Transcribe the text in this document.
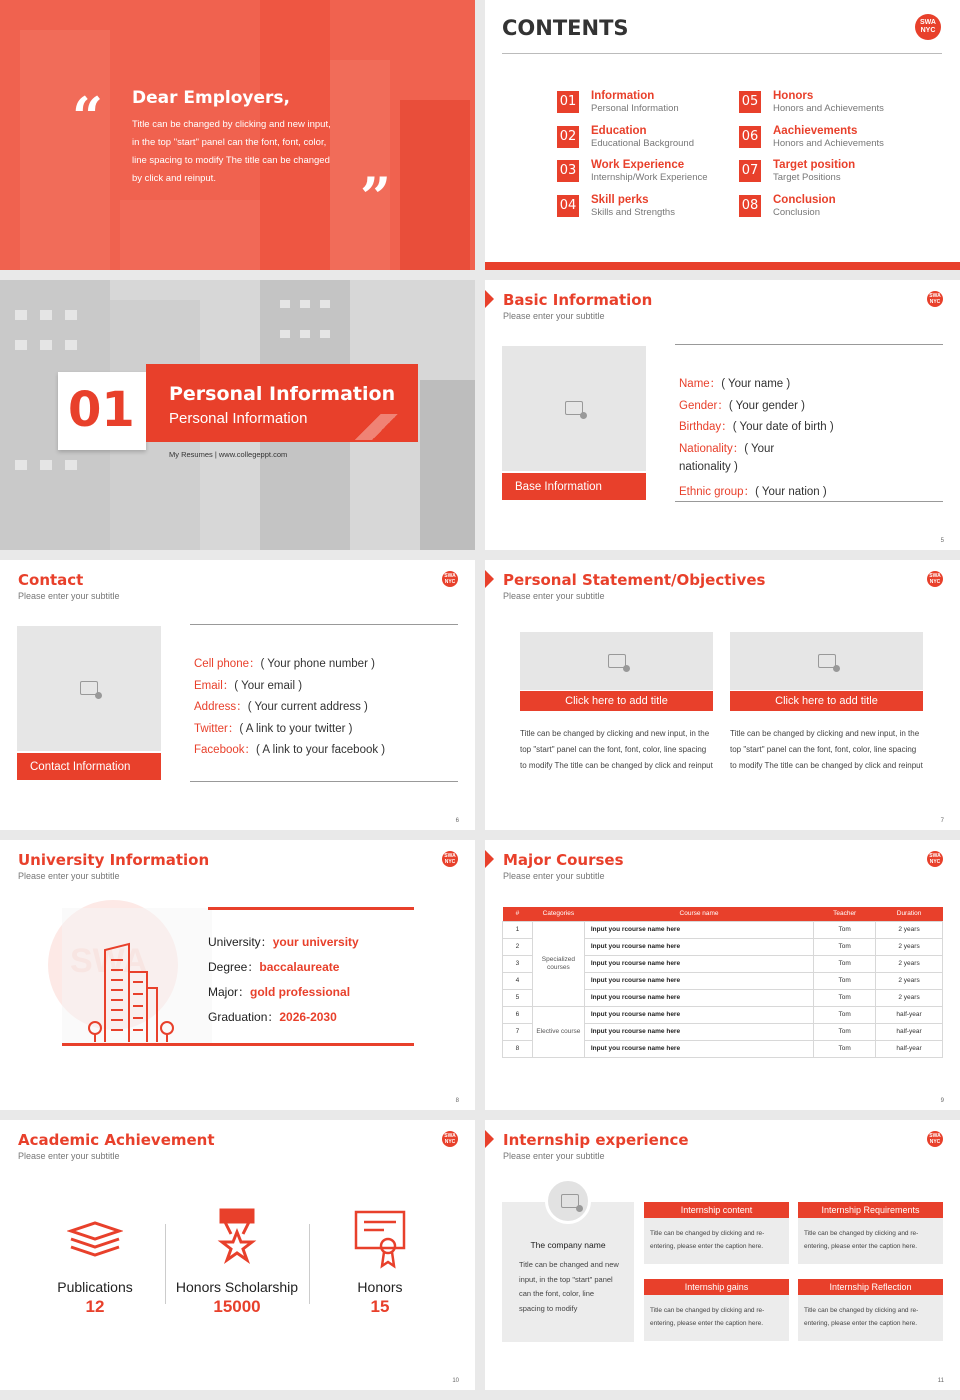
“ Dear Employers,
Title can be changed by clicking and new input, in the top "start" panel can the font, font, color, line spacing to modify The title can be changed by click and reinput.	”
CONTENTS	SWA NYC
01 Information
Personal Information
02 Education
Educational Background
03 Work Experience
Internship/Work Experience
04 Skill perks
Skills and Strengths
05 Honors
Honors and Achievements
06 Aachievements
Honors and Achievements
07 Target position
Target Positions
08 Conclusion
Conclusion
01 Personal Information
Personal Information
My Resumes | www.collegeppt.com
Basic Information
Please enter your subtitle
SWA NYC
Base Information
Name：( Your name )
Gender：( Your gender )
Birthday：( Your date of birth )
Nationality：( Your
nationality )
Ethnic group：( Your nation )
5
Contact
Please enter your subtitle
SWA NYC
Contact Information
Cell phone：( Your phone number )
Email：( Your email )
Address：( Your current address )
Twitter：( A link to your twitter )
Facebook：( A link to your facebook )
6
Personal Statement/Objectives
Please enter your subtitle
SWA NYC
Click here to add title
Title can be changed by clicking and new input, in the top "start" panel can the font, font, color, line spacing to modify The title can be changed by click and reinput
Click here to add title
Title can be changed by clicking and new input, in the top "start" panel can the font, font, color, line spacing to modify The title can be changed by click and reinput
7
University Information
Please enter your subtitle
SWA NYC
University：your university
Degree：baccalaureate
Major：gold professional
Graduation：2026-2030
8
Major Courses
Please enter your subtitle
SWA NYC
#	Categories	Course name	Teacher	Duration
1	Specialized courses	Input you rcourse name here	Tom	2 years
2		Input you rcourse name here	Tom	2 years
3		Input you rcourse name here	Tom	2 years
4		Input you rcourse name here	Tom	2 years
5		Input you rcourse name here	Tom	2 years
6	Elective course	Input you rcourse name here	Tom	half-year
7		Input you rcourse name here	Tom	half-year
8		Input you rcourse name here	Tom	half-year
9
Academic Achievement
Please enter your subtitle
SWA NYC
Publications
12
Honors Scholarship
15000
Honors
15
10
Internship experience
Please enter your subtitle
SWA NYC
The company name
Title can be changed and new input, in the top "start" panel can the font, color, line spacing to modify
Internship content
Title can be changed by clicking and re-entering, please enter the caption here.
Internship Requirements
Title can be changed by clicking and re-entering, please enter the caption here.
Internship gains
Title can be changed by clicking and re-entering, please enter the caption here.
Internship Reflection
Title can be changed by clicking and re-entering, please enter the caption here.
11
